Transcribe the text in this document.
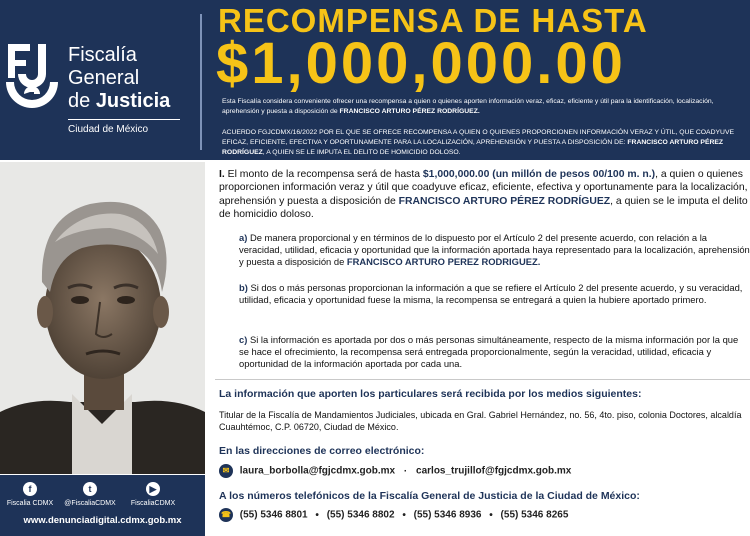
Fiscalía
General
de Justicia
Ciudad de México
RECOMPENSA DE HASTA
$1,000,000.00
Esta Fiscalía considera conveniente ofrecer una recompensa a quien o quienes aporten información veraz, eficaz, eficiente y útil para la identificación, localización, aprehensión y puesta a disposición de FRANCISCO ARTURO PÉREZ RODRÍGUEZ.
ACUERDO FGJCDMX/16/2022 POR EL QUE SE OFRECE RECOMPENSA A QUIEN O QUIENES PROPORCIONEN INFORMACIÓN VERAZ Y ÚTIL, QUE COADYUVE EFICAZ, EFICIENTE, EFECTIVA Y OPORTUNAMENTE PARA LA LOCALIZACIÓN, APREHENSIÓN Y PUESTA A DISPOSICIÓN DE: FRANCISCO ARTURO PÉREZ RODRÍGUEZ, A QUIEN SE LE IMPUTA EL DELITO DE HOMICIDIO DOLOSO.
f
Fiscalia CDMX
t
@FiscaliaCDMX
▶
FiscaliaCDMX
www.denunciadigital.cdmx.gob.mx
I. El monto de la recompensa será de hasta $1,000,000.00 (un millón de pesos 00/100 m. n.), a quien o quienes proporcionen información veraz y útil que coadyuve eficaz, eficiente, efectiva y oportunamente para la localización, aprehensión y puesta a disposición de FRANCISCO ARTURO PÉREZ RODRÍGUEZ, a quien se le imputa el delito de homicidio doloso.
a) De manera proporcional y en términos de lo dispuesto por el Artículo 2 del presente acuerdo, con relación a la veracidad, utilidad, eficacia y oportunidad que la información aportada haya representado para la localización, aprehensión y puesta a disposición de FRANCISCO ARTURO PEREZ RODRIGUEZ.
b) Si dos o más personas proporcionan la información a que se refiere el Artículo 2 del presente acuerdo, y su veracidad, utilidad, eficacia y oportunidad fuese la misma, la recompensa se entregará a quien la hubiere aportado primero.
c) Si la información es aportada por dos o más personas simultáneamente, respecto de la misma información por la que se hace el ofrecimiento, la recompensa será entregada proporcionalmente, según la veracidad, utilidad, eficacia y oportunidad de la información aportada por cada una.
La información que aporten los particulares será recibida por los medios siguientes:
Titular de la Fiscalía de Mandamientos Judiciales, ubicada en Gral. Gabriel Hernández, no. 56, 4to. piso, colonia Doctores, alcaldía Cuauhtémoc, C.P. 06720, Ciudad de México.
En las direcciones de correo electrónico:
✉ laura_borbolla@fgjcdmx.gob.mx · carlos_trujillof@fgjcdmx.gob.mx
A los números telefónicos de la Fiscalía General de Justicia de la Ciudad de México:
☎ (55) 5346 8801 • (55) 5346 8802 • (55) 5346 8936 • (55) 5346 8265
